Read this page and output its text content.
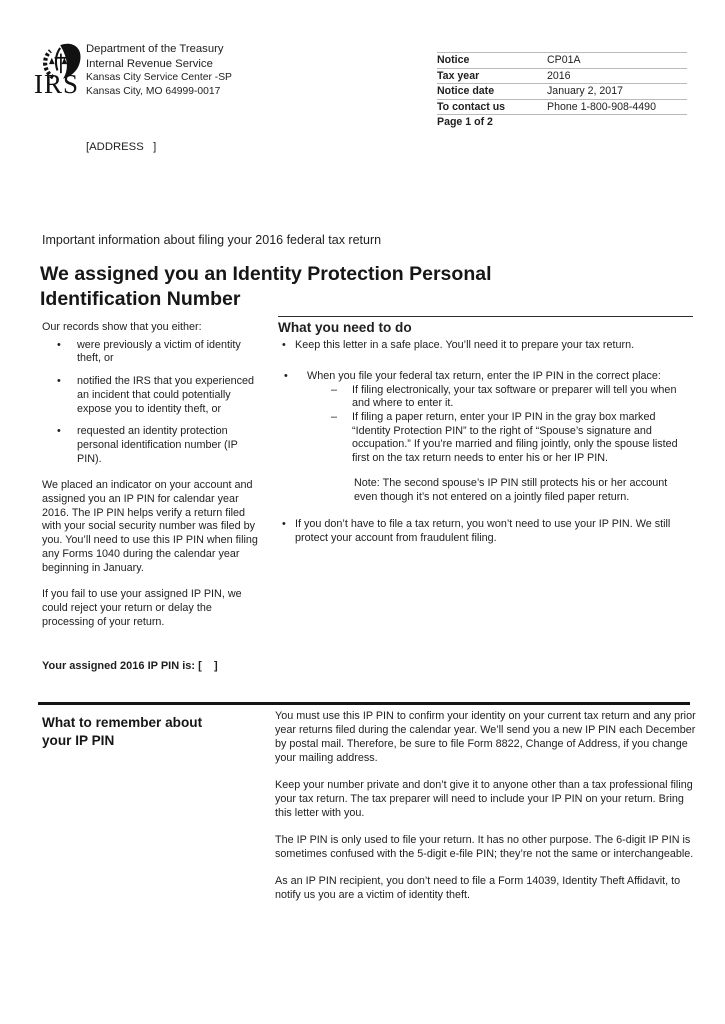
IRS
Department of the Treasury
Internal Revenue Service
Kansas City Service Center -SP
Kansas City, MO 64999-0017
Notice	CP01A
Tax year	2016
Notice date	January 2, 2017
To contact us	Phone 1-800-908-4490
Page 1 of 2
[ADDRESS   ]
Important information about filing your 2016 federal tax return
We assigned you an Identity Protection Personal Identification Number

Our records show that you either:

• were previously a victim of identity theft, or
• notified the IRS that you experienced an incident that could potentially expose you to identity theft, or
• requested an identity protection personal identification number (IP PIN).

We placed an indicator on your account and assigned you an IP PIN for calendar year 2016. The IP PIN helps verify a return filed with your social security number was filed by you. You’ll need to use this IP PIN when filing any Forms 1040 during the calendar year beginning in January.

If you fail to use your assigned IP PIN, we could reject your return or delay the processing of your return.

Your assigned 2016 IP PIN is: [    ]
What you need to do
• Keep this letter in a safe place. You’ll need it to prepare your tax return.
• When you file your federal tax return, enter the IP PIN in the correct place:
– If filing electronically, your tax software or preparer will tell you when and where to enter it.
– If filing a paper return, enter your IP PIN in the gray box marked “Identity Protection PIN” to the right of “Spouse’s signature and occupation.” If you’re married and filing jointly, only the spouse listed first on the tax return needs to enter his or her IP PIN.
Note: The second spouse’s IP PIN still protects his or her account even though it’s not entered on a jointly filed paper return.
• If you don’t have to file a tax return, you won’t need to use your IP PIN. We still protect your account from fraudulent filing.
What to remember about your IP PIN

You must use this IP PIN to confirm your identity on your current tax return and any prior year returns filed during the calendar year. We’ll send you a new IP PIN each December by postal mail. Therefore, be sure to file Form 8822, Change of Address, if you change your mailing address.

Keep your number private and don’t give it to anyone other than a tax professional filing your tax return. The tax preparer will need to include your IP PIN on your return. Bring this letter with you.

The IP PIN is only used to file your return. It has no other purpose. The 6-digit IP PIN is sometimes confused with the 5-digit e-file PIN; they’re not the same or interchangeable.

As an IP PIN recipient, you don’t need to file a Form 14039, Identity Theft Affidavit, to notify us you are a victim of identity theft.
